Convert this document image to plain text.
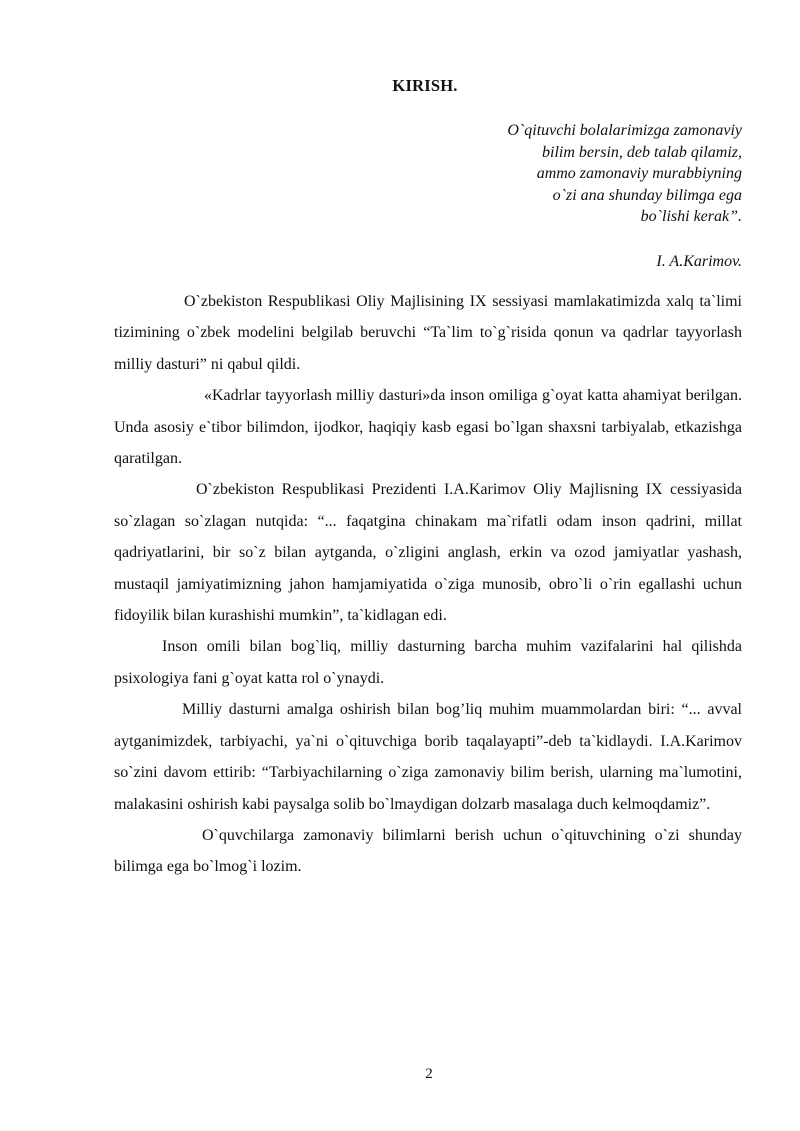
KIRISH.
O`qituvchi bolalarimizga zamonaviy
bilim bersin, deb talab qilamiz,
ammo zamonaviy murabbiyning
o`zi ana shunday bilimga ega
bo`lishi kerak”.
I. A.Karimov.

O`zbekiston Respublikasi Oliy Majlisining IX sessiyasi mamlakatimizda xalq ta`limi tizimining o`zbek modelini belgilab beruvchi “Ta`lim to`g`risida qonun va qadrlar tayyorlash milliy dasturi” ni qabul qildi.

«Kadrlar tayyorlash milliy dasturi»da inson omiliga g`oyat katta ahamiyat berilgan. Unda asosiy e`tibor bilimdon, ijodkor, haqiqiy kasb egasi bo`lgan shaxsni tarbiyalab, etkazishga qaratilgan.

O`zbekiston Respublikasi Prezidenti I.A.Karimov Oliy Majlisning IX cessiyasida so`zlagan so`zlagan nutqida: “... faqatgina chinakam ma`rifatli odam inson qadrini, millat qadriyatlarini, bir so`z bilan aytganda, o`zligini anglash, erkin va ozod jamiyatlar yashash, mustaqil jamiyatimizning jahon hamjamiyatida o`ziga munosib, obro`li o`rin egallashi uchun fidoyilik bilan kurashishi mumkin”, ta`kidlagan edi.

Inson omili bilan bog`liq, milliy dasturning barcha muhim vazifalarini hal qilishda psixologiya fani g`oyat katta rol o`ynaydi.

Milliy dasturni amalga oshirish bilan bog’liq muhim muammolardan biri: “... avval aytganimizdek, tarbiyachi, ya`ni o`qituvchiga borib taqalayapti”-deb ta`kidlaydi. I.A.Karimov so`zini davom ettirib: “Tarbiyachilarning o`ziga zamonaviy bilim berish, ularning ma`lumotini, malakasini oshirish kabi paysalga solib bo`lmaydigan dolzarb masalaga duch kelmoqdamiz”.

O`quvchilarga zamonaviy bilimlarni berish uchun o`qituvchining o`zi shunday bilimga ega bo`lmog`i lozim.

2
